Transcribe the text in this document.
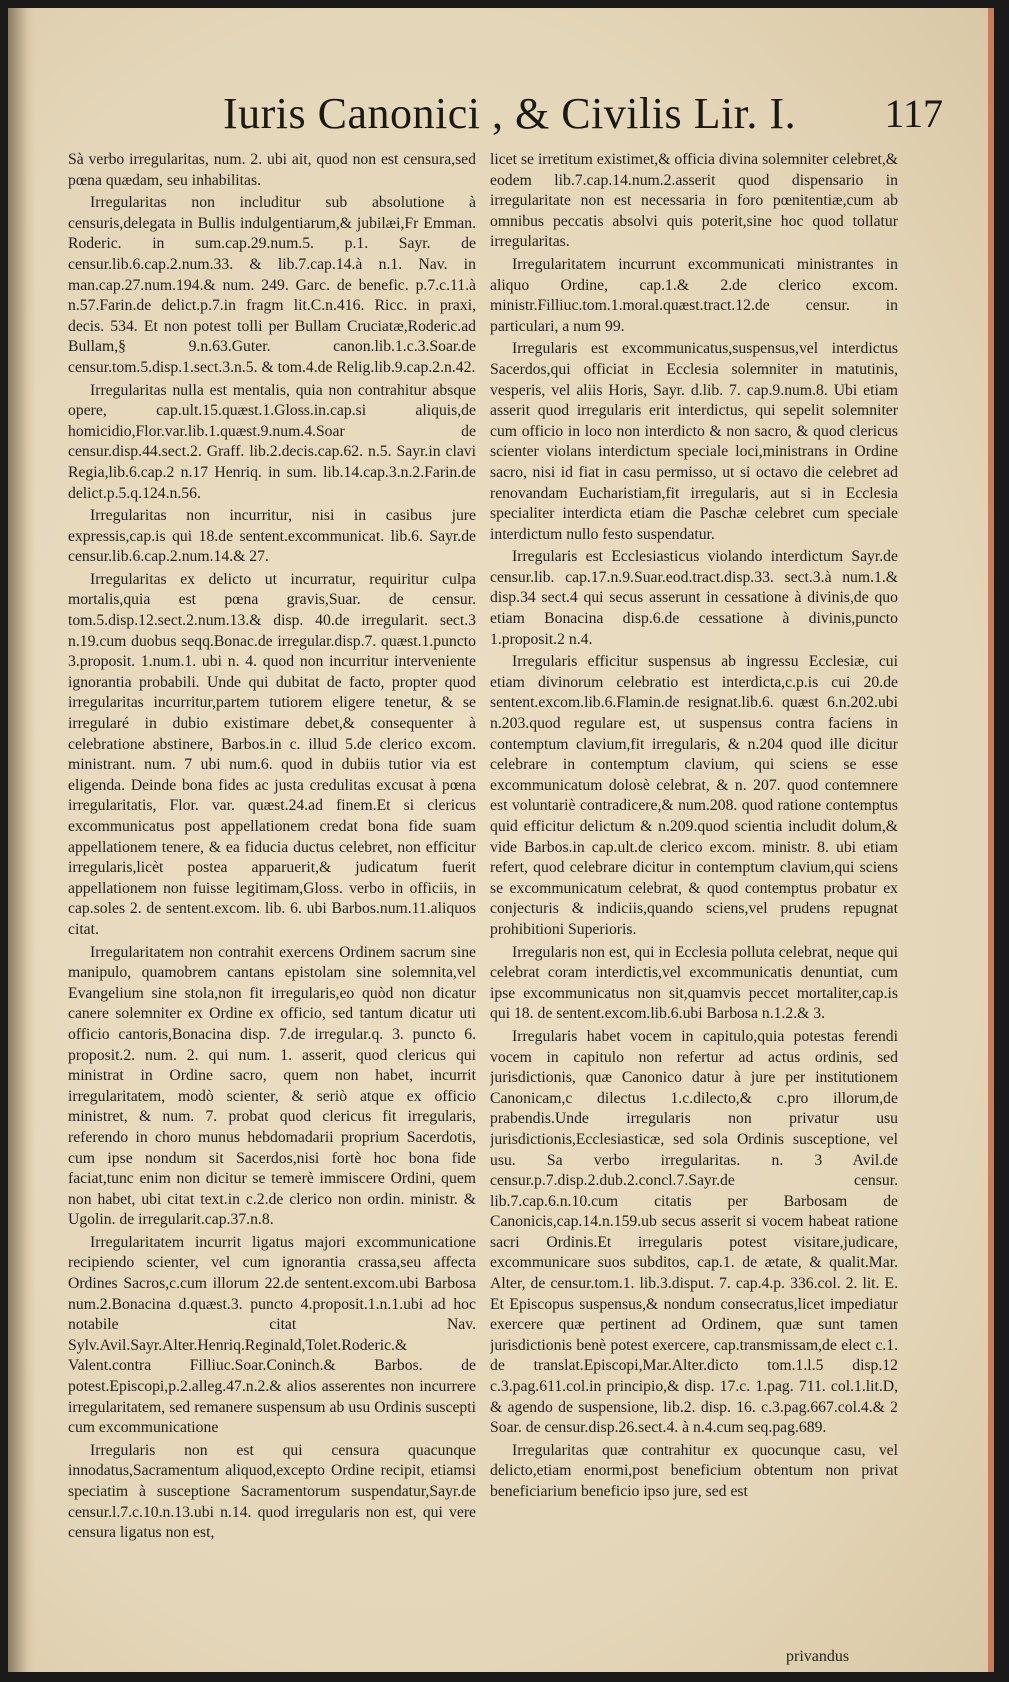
Iuris Canonici , & Civilis Lir. I. 117

Sà verbo irregularitas, num. 2. ubi ait, quod non est censura,sed pœna quædam, seu inhabilitas.

Irregularitas non includitur sub absolutione à censuris,delegata in Bullis indulgentiarum,& jubilæi,Fr Emman. Roderic. in sum.cap.29.num.5. p.1. Sayr. de censur.lib.6.cap.2.num.33. & lib.7.cap.14.à n.1. Nav. in man.cap.27.num.194.& num. 249. Garc. de benefic. p.7.c.11.à n.57.Farin.de delict.p.7.in fragm lit.C.n.416. Ricc. in praxi, decis. 534. Et non potest tolli per Bullam Cruciatæ,Roderic.ad Bullam,§ 9.n.63.Guter. canon.lib.1.c.3.Soar.de censur.tom.5.disp.1.sect.3.n.5. & tom.4.de Relig.lib.9.cap.2.n.42.

Irregularitas nulla est mentalis, quia non contrahitur absque opere, cap.ult.15.quæst.1.Gloss.in.cap.si aliquis,de homicidio,Flor.var.lib.1.quæst.9.num.4.Soar de censur.disp.44.sect.2. Graff. lib.2.decis.cap.62. n.5. Sayr.in clavi Regia,lib.6.cap.2 n.17 Henriq. in sum. lib.14.cap.3.n.2.Farin.de delict.p.5.q.124.n.56.

Irregularitas non incurritur, nisi in casibus jure expressis,cap.is qui 18.de sentent.excommunicat. lib.6. Sayr.de censur.lib.6.cap.2.num.14.& 27.

Irregularitas ex delicto ut incurratur, requiritur culpa mortalis,quia est pœna gravis,Suar. de censur. tom.5.disp.12.sect.2.num.13.& disp. 40.de irregularit. sect.3 n.19.cum duobus seqq.Bonac.de irregular.disp.7. quæst.1.puncto 3.proposit. 1.num.1. ubi n. 4. quod non incurritur interveniente ignorantia probabili. Unde qui dubitat de facto, propter quod irregularitas incurritur,partem tutiorem eligere tenetur, & se irregularé in dubio existimare debet,& consequenter à celebratione abstinere, Barbos.in c. illud 5.de clerico excom. ministrant. num. 7 ubi num.6. quod in dubiis tutior via est eligenda. Deinde bona fides ac justa credulitas excusat à pœna irregularitatis, Flor. var. quæst.24.ad finem.Et si clericus excommunicatus post appellationem credat bona fide suam appellationem tenere, & ea fiducia ductus celebret, non efficitur irregularis,licèt postea apparuerit,& judicatum fuerit appellationem non fuisse legitimam,Gloss. verbo in officiis, in cap.soles 2. de sentent.excom. lib. 6. ubi Barbos.num.11.aliquos citat.

Irregularitatem non contrahit exercens Ordinem sacrum sine manipulo, quamobrem cantans epistolam sine solemnita,vel Evangelium sine stola,non fit irregularis,eo quòd non dicatur canere solemniter ex Ordine ex officio, sed tantum dicatur uti officio cantoris,Bonacina disp. 7.de irregular.q. 3. puncto 6. proposit.2. num. 2. qui num. 1. asserit, quod clericus qui ministrat in Ordine sacro, quem non habet, incurrit irregularitatem, modò scienter, & seriò atque ex officio ministret, & num. 7. probat quod clericus fit irregularis, referendo in choro munus hebdomadarii proprium Sacerdotis, cum ipse nondum sit Sacerdos,nisi fortè hoc bona fide faciat,tunc enim non dicitur se temerè immiscere Ordini, quem non habet, ubi citat text.in c.2.de clerico non ordin. ministr. & Ugolin. de irregularit.cap.37.n.8.

Irregularitatem incurrit ligatus majori excommunicatione recipiendo scienter, vel cum ignorantia crassa,seu affecta Ordines Sacros,c.cum illorum 22.de sentent.excom.ubi Barbosa num.2.Bonacina d.quæst.3. puncto 4.proposit.1.n.1.ubi ad hoc notabile citat Nav. Sylv.Avil.Sayr.Alter.Henriq.Reginald,Tolet.Roderic.& Valent.contra Filliuc.Soar.Coninch.& Barbos. de potest.Episcopi,p.2.alleg.47.n.2.& alios asserentes non incurrere irregularitatem, sed remanere suspensum ab usu Ordinis suscepti cum excommunicatione

Irregularis non est qui censura quacunque innodatus,Sacramentum aliquod,excepto Ordine recipit, etiamsi speciatim à susceptione Sacramentorum suspendatur,Sayr.de censur.l.7.c.10.n.13.ubi n.14. quod irregularis non est, qui vere censura ligatus non est,

licet se irretitum existimet,& officia divina solemniter celebret,& eodem lib.7.cap.14.num.2.asserit quod dispensario in irregularitate non est necessaria in foro pœnitentiæ,cum ab omnibus peccatis absolvi quis poterit,sine hoc quod tollatur irregularitas.

Irregularitatem incurrunt excommunicati ministrantes in aliquo Ordine, cap.1.& 2.de clerico excom. ministr.Filliuc.tom.1.moral.quæst.tract.12.de censur. in particulari, a num 99.

Irregularis est excommunicatus,suspensus,vel interdictus Sacerdos,qui officiat in Ecclesia solemniter in matutinis, vesperis, vel aliis Horis, Sayr. d.lib. 7. cap.9.num.8. Ubi etiam asserit quod irregularis erit interdictus, qui sepelit solemniter cum officio in loco non interdicto & non sacro, & quod clericus scienter violans interdictum speciale loci,ministrans in Ordine sacro, nisi id fiat in casu permisso, ut si octavo die celebret ad renovandam Eucharistiam,fit irregularis, aut si in Ecclesia specialiter interdicta etiam die Paschæ celebret cum speciale interdictum nullo festo suspendatur.

Irregularis est Ecclesiasticus violando interdictum Sayr.de censur.lib. cap.17.n.9.Suar.eod.tract.disp.33. sect.3.à num.1.& disp.34 sect.4 qui secus asserunt in cessatione à divinis,de quo etiam Bonacina disp.6.de cessatione à divinis,puncto 1.proposit.2 n.4.

Irregularis efficitur suspensus ab ingressu Ecclesiæ, cui etiam divinorum celebratio est interdicta,c.p.is cui 20.de sentent.excom.lib.6.Flamin.de resignat.lib.6. quæst 6.n.202.ubi n.203.quod regulare est, ut suspensus contra faciens in contemptum clavium,fit irregularis, & n.204 quod ille dicitur celebrare in contemptum clavium, qui sciens se esse excommunicatum dolosè celebrat, & n. 207. quod contemnere est voluntariè contradicere,& num.208. quod ratione contemptus quid efficitur delictum & n.209.quod scientia includit dolum,& vide Barbos.in cap.ult.de clerico excom. ministr. 8. ubi etiam refert, quod celebrare dicitur in contemptum clavium,qui sciens se excommunicatum celebrat, & quod contemptus probatur ex conjecturis & indiciis,quando sciens,vel prudens repugnat prohibitioni Superioris.

Irregularis non est, qui in Ecclesia polluta celebrat, neque qui celebrat coram interdictis,vel excommunicatis denuntiat, cum ipse excommunicatus non sit,quamvis peccet mortaliter,cap.is qui 18. de sentent.excom.lib.6.ubi Barbosa n.1.2.& 3.

Irregularis habet vocem in capitulo,quia potestas ferendi vocem in capitulo non refertur ad actus ordinis, sed jurisdictionis, quæ Canonico datur à jure per institutionem Canonicam,c dilectus 1.c.dilecto,& c.pro illorum,de prabendis.Unde irregularis non privatur usu jurisdictionis,Ecclesiasticæ, sed sola Ordinis susceptione, vel usu. Sa verbo irregularitas. n. 3 Avil.de censur.p.7.disp.2.dub.2.concl.7.Sayr.de censur. lib.7.cap.6.n.10.cum citatis per Barbosam de Canonicis,cap.14.n.159.ub secus asserit si vocem habeat ratione sacri Ordinis.Et irregularis potest visitare,judicare, excommunicare suos subditos, cap.1. de ætate, & qualit.Mar. Alter, de censur.tom.1. lib.3.disput. 7. cap.4.p. 336.col. 2. lit. E. Et Episcopus suspensus,& nondum consecratus,licet impediatur exercere quæ pertinent ad Ordinem, quæ sunt tamen jurisdictionis benè potest exercere, cap.transmissam,de elect c.1. de translat.Episcopi,Mar.Alter.dicto tom.1.l.5 disp.12 c.3.pag.611.col.in principio,& disp. 17.c. 1.pag. 711. col.1.lit.D, & agendo de suspensione, lib.2. disp. 16. c.3.pag.667.col.4.& 2 Soar. de censur.disp.26.sect.4. à n.4.cum seq.pag.689.

Irregularitas quæ contrahitur ex quocunque casu, vel delicto,etiam enormi,post beneficium obtentum non privat beneficiarium beneficio ipso jure, sed est

privandus
